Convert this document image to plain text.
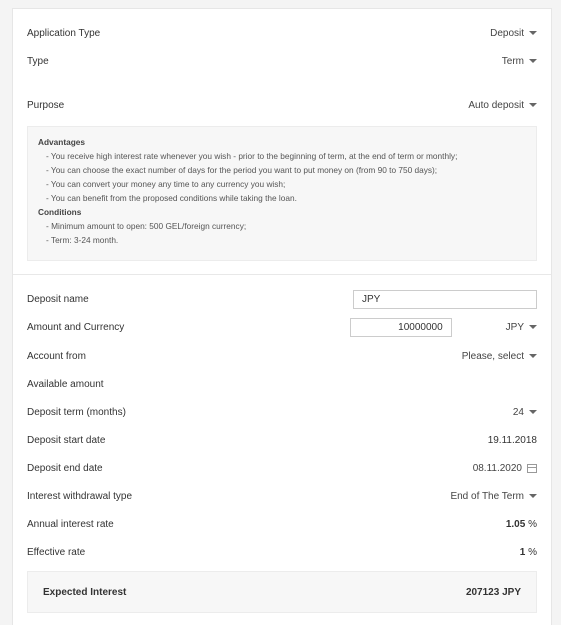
Application Type	Deposit
Type	Term
Purpose	Auto deposit
Advantages
- You receive high interest rate whenever you wish - prior to the beginning of term, at the end of term or monthly;
- You can choose the exact number of days for the period you want to put money on (from 90 to 750 days);
- You can convert your money any time to any currency you wish;
- You can benefit from the proposed conditions while taking the loan.
Conditions
- Minimum amount to open: 500 GEL/foreign currency;
- Term: 3-24 month.
Deposit name	JPY
Amount and Currency	10000000	JPY
Account from	Please, select
Available amount
Deposit term (months)	24
Deposit start date	19.11.2018
Deposit end date	08.11.2020
Interest withdrawal type	End of The Term
Annual interest rate	1.05 %
Effective rate	1 %
Expected Interest	207123 JPY
